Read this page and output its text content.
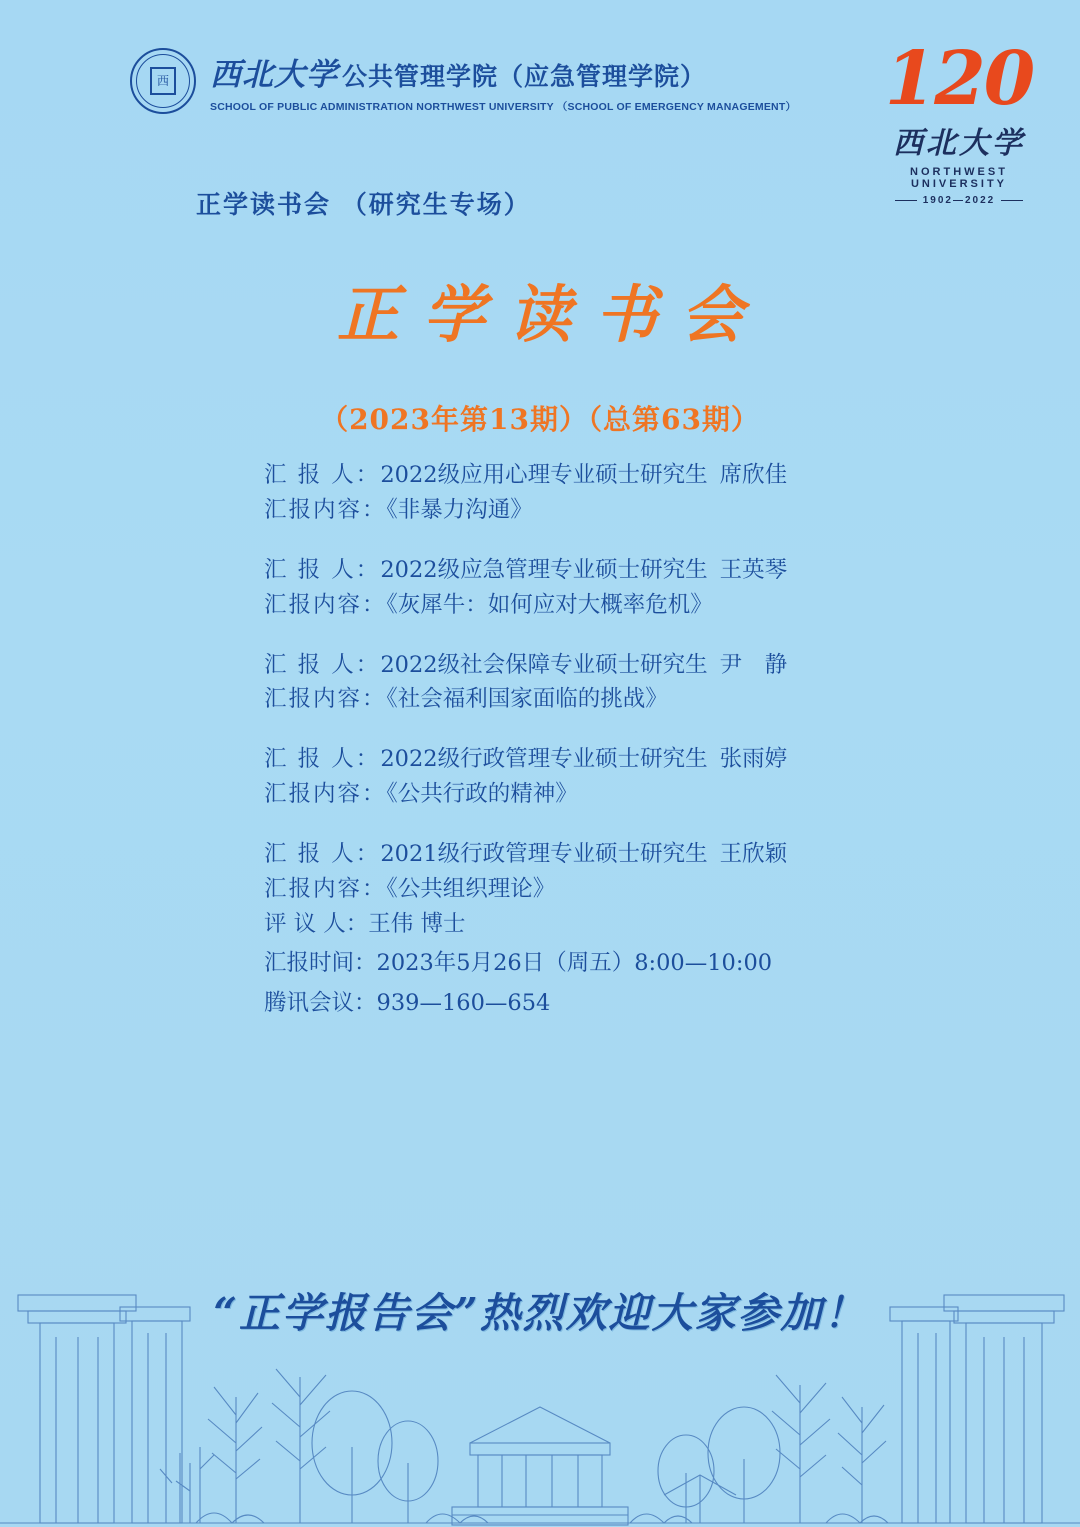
西 西北大学 公共管理学院（应急管理学院）
SCHOOL OF PUBLIC ADMINISTRATION NORTHWEST UNIVERSITY （SCHOOL OF EMERGENCY MANAGEMENT） 120
西北大学
NORTHWEST UNIVERSITY
1902—2022
正学读书会 （研究生专场）
正学读书会
（2023年第13期）（总第63期）
汇 报 人：2022级应用心理专业硕士研究生 席欣佳
汇报内容：《非暴力沟通》
汇 报 人：2022级应急管理专业硕士研究生 王英琴
汇报内容：《灰犀牛：如何应对大概率危机》
汇 报 人：2022级社会保障专业硕士研究生 尹　静
汇报内容：《社会福利国家面临的挑战》
汇 报 人：2022级行政管理专业硕士研究生 张雨婷
汇报内容：《公共行政的精神》
汇 报 人：2021级行政管理专业硕士研究生 王欣颖
汇报内容：《公共组织理论》
评 议 人：王伟 博士
汇报时间：2023年5月26日（周五）8:00—10:00
腾讯会议：939—160—654
“正学报告会”热烈欢迎大家参加！
